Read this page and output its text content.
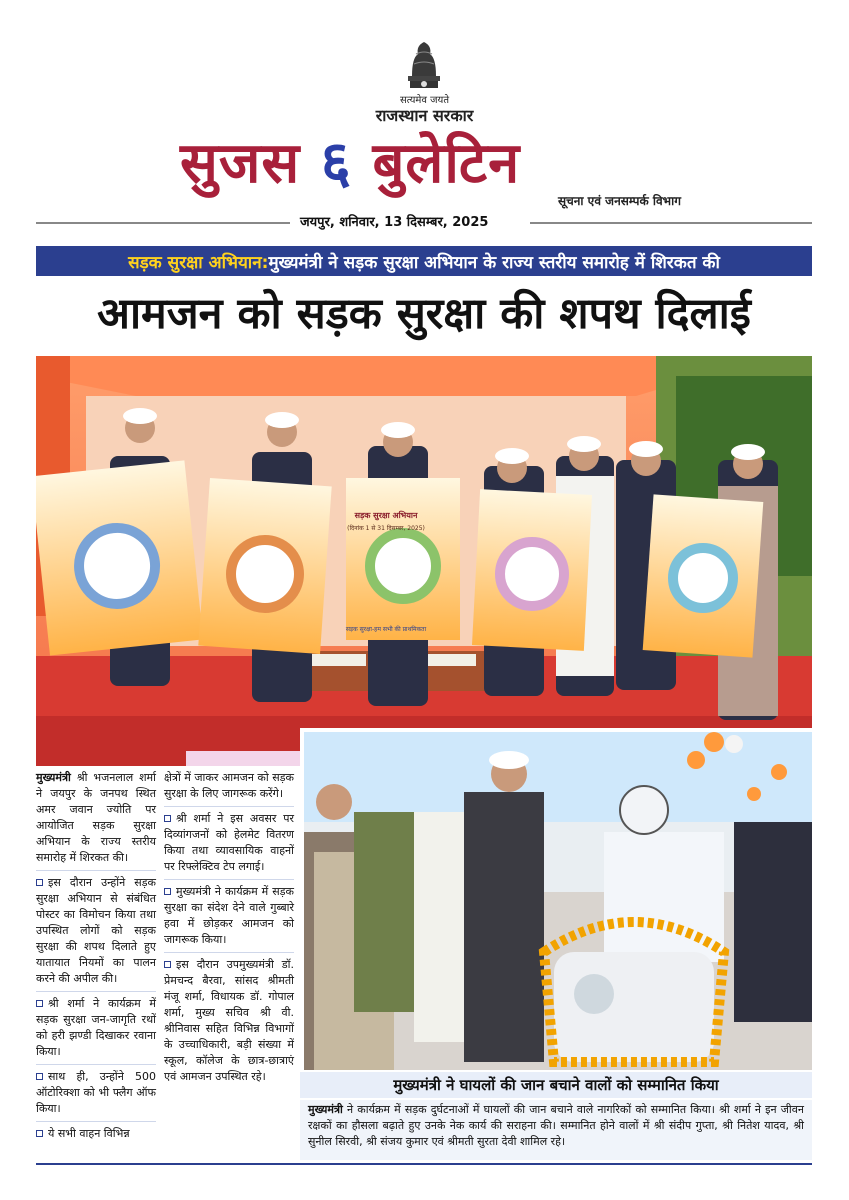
सत्यमेव जयते
राजस्थान सरकार
सुजस ६ बुलेटिन
सूचना एवं जनसम्पर्क विभाग
जयपुर, शनिवार, 13 दिसम्बर, 2025
सड़क सुरक्षा अभियान: मुख्यमंत्री ने सड़क सुरक्षा अभियान के राज्य स्तरीय समारोह में शिरकत की
आमजन को सड़क सुरक्षा की शपथ दिलाई
सड़क सुरक्षा अभियान
(दिनांक 1 से 31 दिसम्बर, 2025)
सड़क सुरक्षा-हम सभी की प्राथमिकता
मुख्यमंत्री ने घायलों की जान बचाने वालों को सम्मानित किया
मुख्यमंत्री ने कार्यक्रम में सड़क दुर्घटनाओं में घायलों की जान बचाने वाले नागरिकों को सम्मानित किया। श्री शर्मा ने इन जीवन रक्षकों का हौसला बढ़ाते हुए उनके नेक कार्य की सराहना की। सम्मानित होने वालों में श्री संदीप गुप्ता, श्री नितेश यादव, श्री सुनील सिरवी, श्री संजय कुमार एवं श्रीमती सुरता देवी शामिल रहे।
मुख्यमंत्री श्री भजनलाल शर्मा ने जयपुर के जनपथ स्थित अमर जवान ज्योति पर आयोजित सड़क सुरक्षा अभियान के राज्य स्तरीय समारोह में शिरकत की।
इस दौरान उन्होंने सड़क सुरक्षा अभियान से संबंधित पोस्टर का विमोचन किया तथा उपस्थित लोगों को सड़क सुरक्षा की शपथ दिलाते हुए यातायात नियमों का पालन करने की अपील की।
श्री शर्मा ने कार्यक्रम में सड़क सुरक्षा जन-जागृति रथों को हरी झण्डी दिखाकर रवाना किया।
साथ ही, उन्होंने 500 ऑटोरिक्शा को भी फ्लैग ऑफ किया।
ये सभी वाहन विभिन्न
क्षेत्रों में जाकर आमजन को सड़क सुरक्षा के लिए जागरूक करेंगे।
श्री शर्मा ने इस अवसर पर दिव्यांगजनों को हेलमेट वितरण किया तथा व्यावसायिक वाहनों पर रिफ्लेक्टिव टेप लगाई।
मुख्यमंत्री ने कार्यक्रम में सड़क सुरक्षा का संदेश देने वाले गुब्बारे हवा में छोड़कर आमजन को जागरूक किया।
इस दौरान उपमुख्यमंत्री डॉ. प्रेमचन्द बैरवा, सांसद श्रीमती मंजू शर्मा, विधायक डॉ. गोपाल शर्मा, मुख्य सचिव श्री वी. श्रीनिवास सहित विभिन्न विभागों के उच्चाधिकारी, बड़ी संख्या में स्कूल, कॉलेज के छात्र-छात्राएं एवं आमजन उपस्थित रहे।
